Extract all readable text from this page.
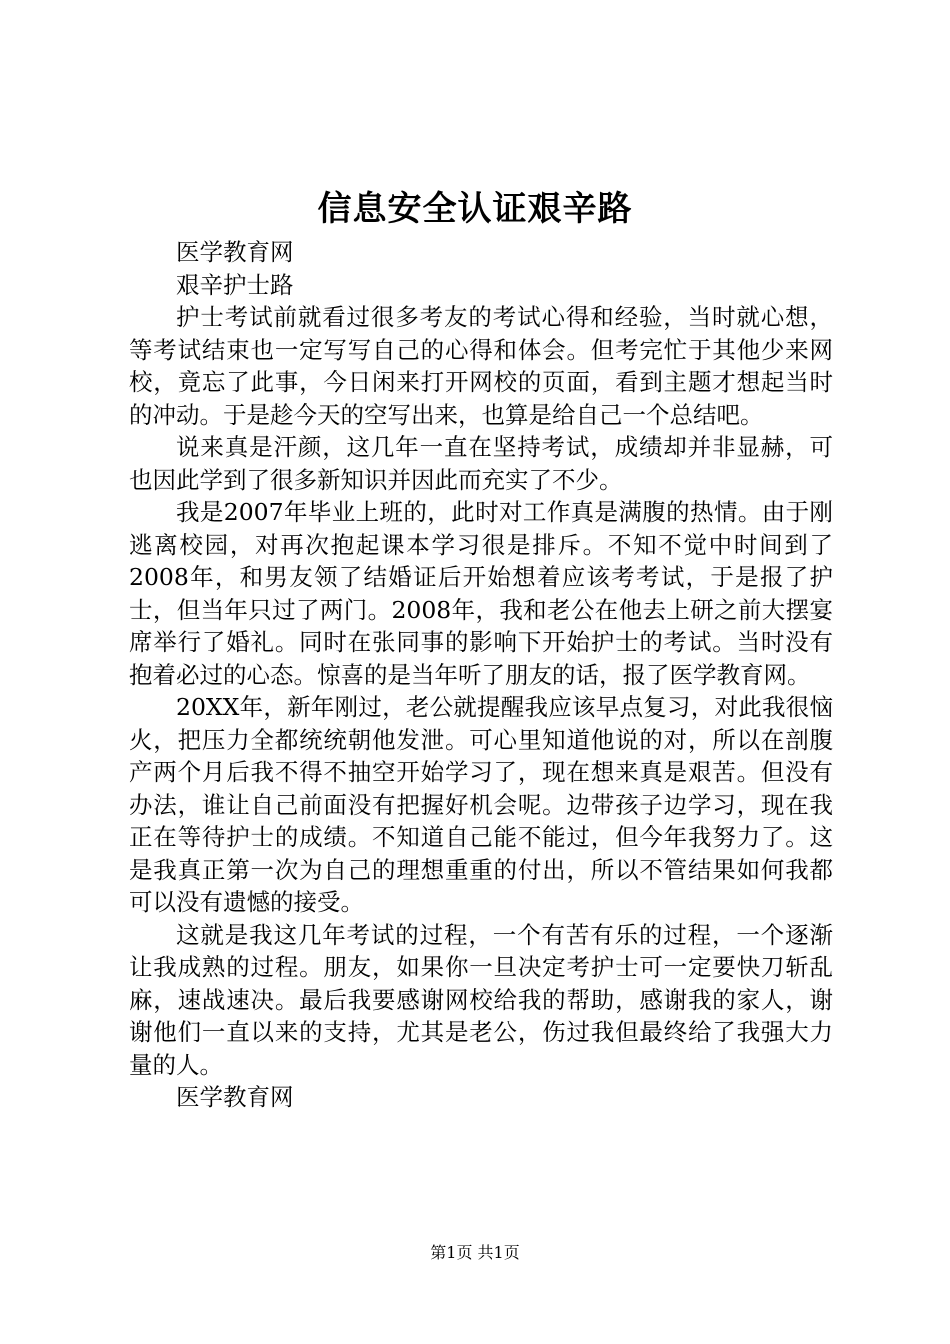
信息安全认证艰辛路

医学教育网

艰辛护士路

护士考试前就看过很多考友的考试心得和经验，当时就心想，等考试结束也一定写写自己的心得和体会。但考完忙于其他少来网校，竟忘了此事，今日闲来打开网校的页面，看到主题才想起当时的冲动。于是趁今天的空写出来，也算是给自己一个总结吧。

说来真是汗颜，这几年一直在坚持考试，成绩却并非显赫，可也因此学到了很多新知识并因此而充实了不少。

我是2007年毕业上班的，此时对工作真是满腹的热情。由于刚逃离校园，对再次抱起课本学习很是排斥。不知不觉中时间到了2008年，和男友领了结婚证后开始想着应该考考试，于是报了护士，但当年只过了两门。2008年，我和老公在他去上研之前大摆宴席举行了婚礼。同时在张同事的影响下开始护士的考试。当时没有抱着必过的心态。惊喜的是当年听了朋友的话，报了医学教育网。

20XX年，新年刚过，老公就提醒我应该早点复习，对此我很恼火，把压力全都统统朝他发泄。可心里知道他说的对，所以在剖腹产两个月后我不得不抽空开始学习了，现在想来真是艰苦。但没有办法，谁让自己前面没有把握好机会呢。边带孩子边学习，现在我正在等待护士的成绩。不知道自己能不能过，但今年我努力了。这是我真正第一次为自己的理想重重的付出，所以不管结果如何我都可以没有遗憾的接受。

这就是我这几年考试的过程，一个有苦有乐的过程，一个逐渐让我成熟的过程。朋友，如果你一旦决定考护士可一定要快刀斩乱麻，速战速决。最后我要感谢网校给我的帮助，感谢我的家人，谢谢他们一直以来的支持，尤其是老公，伤过我但最终给了我强大力量的人。

医学教育网

第1页 共1页
